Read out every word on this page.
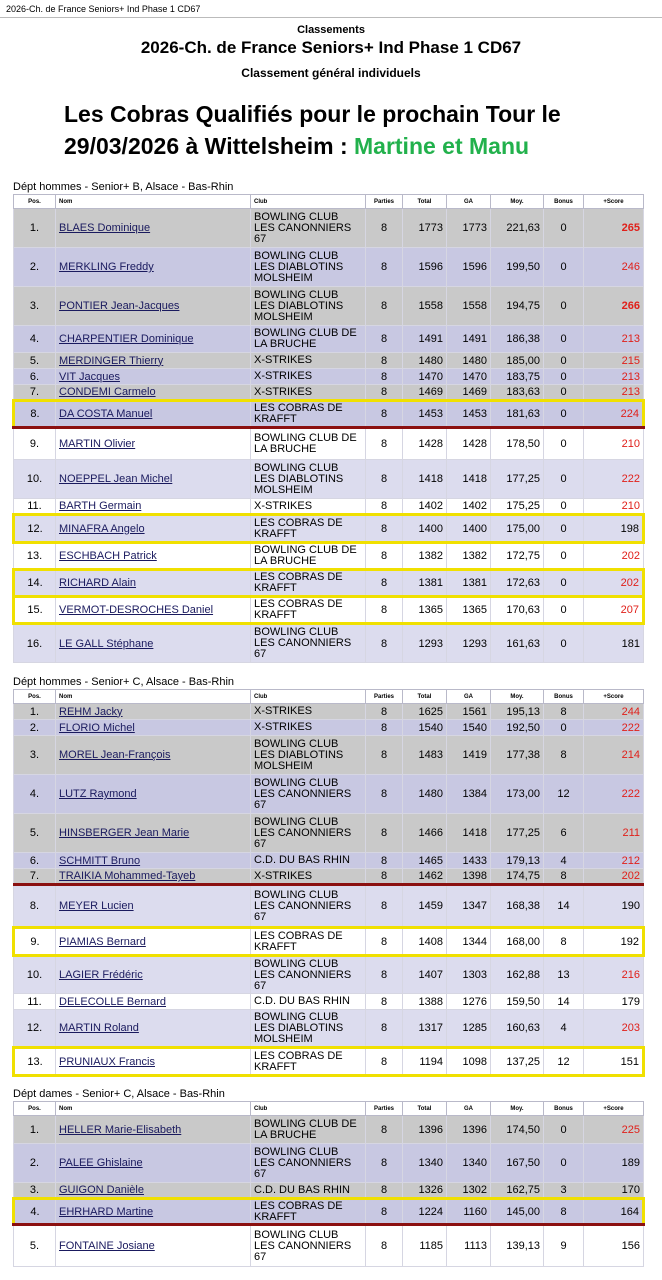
2026-Ch. de France Seniors+ Ind Phase 1 CD67
Classements
2026-Ch. de France Seniors+ Ind Phase 1 CD67
Classement général individuels
Les Cobras Qualifiés pour le prochain Tour le
29/03/2026 à Wittelsheim : Martine et Manu
Dépt hommes - Senior+ B, Alsace - Bas-Rhin
Pos.	Nom	Club	Parties	Total	GA	Moy.	Bonus	+Score
1.	BLAES Dominique	BOWLING CLUB LES CANONNIERS 67	8	1773	1773	221,63	0	265
2.	MERKLING Freddy	BOWLING CLUB LES DIABLOTINS MOLSHEIM	8	1596	1596	199,50	0	246
3.	PONTIER Jean-Jacques	BOWLING CLUB LES DIABLOTINS MOLSHEIM	8	1558	1558	194,75	0	266
4.	CHARPENTIER Dominique	BOWLING CLUB DE LA BRUCHE	8	1491	1491	186,38	0	213
5.	MERDINGER Thierry	X-STRIKES	8	1480	1480	185,00	0	215
6.	VIT Jacques	X-STRIKES	8	1470	1470	183,75	0	213
7.	CONDEMI Carmelo	X-STRIKES	8	1469	1469	183,63	0	213
8.	DA COSTA Manuel	LES COBRAS DE KRAFFT	8	1453	1453	181,63	0	224
9.	MARTIN Olivier	BOWLING CLUB DE LA BRUCHE	8	1428	1428	178,50	0	210
10.	NOEPPEL Jean Michel	BOWLING CLUB LES DIABLOTINS MOLSHEIM	8	1418	1418	177,25	0	222
11.	BARTH Germain	X-STRIKES	8	1402	1402	175,25	0	210
12.	MINAFRA Angelo	LES COBRAS DE KRAFFT	8	1400	1400	175,00	0	198
13.	ESCHBACH Patrick	BOWLING CLUB DE LA BRUCHE	8	1382	1382	172,75	0	202
14.	RICHARD Alain	LES COBRAS DE KRAFFT	8	1381	1381	172,63	0	202
15.	VERMOT-DESROCHES Daniel	LES COBRAS DE KRAFFT	8	1365	1365	170,63	0	207
16.	LE GALL Stéphane	BOWLING CLUB LES CANONNIERS 67	8	1293	1293	161,63	0	181
Dépt hommes - Senior+ C, Alsace - Bas-Rhin
Pos.	Nom	Club	Parties	Total	GA	Moy.	Bonus	+Score
1.	REHM Jacky	X-STRIKES	8	1625	1561	195,13	8	244
2.	FLORIO Michel	X-STRIKES	8	1540	1540	192,50	0	222
3.	MOREL Jean-François	BOWLING CLUB LES DIABLOTINS MOLSHEIM	8	1483	1419	177,38	8	214
4.	LUTZ Raymond	BOWLING CLUB LES CANONNIERS 67	8	1480	1384	173,00	12	222
5.	HINSBERGER Jean Marie	BOWLING CLUB LES CANONNIERS 67	8	1466	1418	177,25	6	211
6.	SCHMITT Bruno	C.D. DU BAS RHIN	8	1465	1433	179,13	4	212
7.	TRAIKIA Mohammed-Tayeb	X-STRIKES	8	1462	1398	174,75	8	202
8.	MEYER Lucien	BOWLING CLUB LES CANONNIERS 67	8	1459	1347	168,38	14	190
9.	PIAMIAS Bernard	LES COBRAS DE KRAFFT	8	1408	1344	168,00	8	192
10.	LAGIER Frédéric	BOWLING CLUB LES CANONNIERS 67	8	1407	1303	162,88	13	216
11.	DELECOLLE Bernard	C.D. DU BAS RHIN	8	1388	1276	159,50	14	179
12.	MARTIN Roland	BOWLING CLUB LES DIABLOTINS MOLSHEIM	8	1317	1285	160,63	4	203
13.	PRUNIAUX Francis	LES COBRAS DE KRAFFT	8	1194	1098	137,25	12	151
Dépt dames - Senior+ C, Alsace - Bas-Rhin
Pos.	Nom	Club	Parties	Total	GA	Moy.	Bonus	+Score
1.	HELLER Marie-Elisabeth	BOWLING CLUB DE LA BRUCHE	8	1396	1396	174,50	0	225
2.	PALEE Ghislaine	BOWLING CLUB LES CANONNIERS 67	8	1340	1340	167,50	0	189
3.	GUIGON Danièle	C.D. DU BAS RHIN	8	1326	1302	162,75	3	170
4.	EHRHARD Martine	LES COBRAS DE KRAFFT	8	1224	1160	145,00	8	164
5.	FONTAINE Josiane	BOWLING CLUB LES CANONNIERS 67	8	1185	1113	139,13	9	156
